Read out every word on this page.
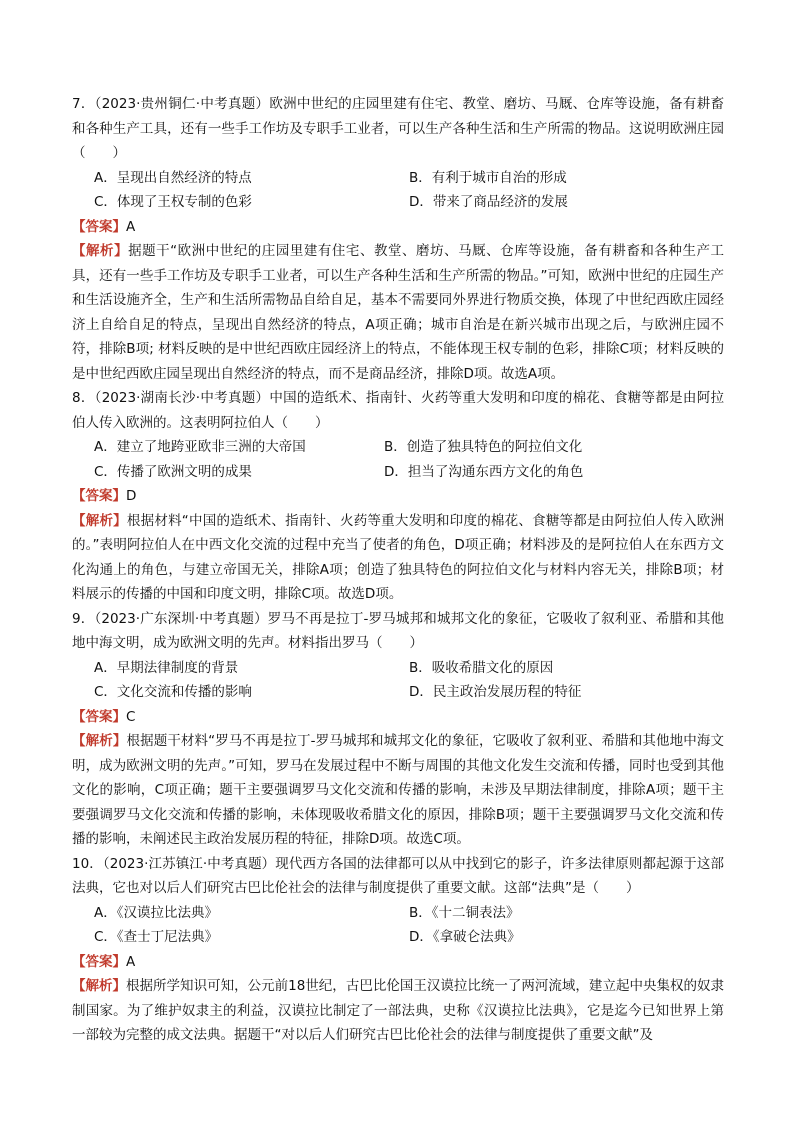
7．（2023·贵州铜仁·中考真题）欧洲中世纪的庄园里建有住宅、教堂、磨坊、马厩、仓库等设施，备有耕畜和各种生产工具，还有一些手工作坊及专职手工业者，可以生产各种生活和生产所需的物品。这说明欧洲庄园（　　）

A．呈现出自然经济的特点	B．有利于城市自治的形成
C．体现了王权专制的色彩	D．带来了商品经济的发展

【答案】A

【解析】据题干“欧洲中世纪的庄园里建有住宅、教堂、磨坊、马厩、仓库等设施，备有耕畜和各种生产工具，还有一些手工作坊及专职手工业者，可以生产各种生活和生产所需的物品。”可知，欧洲中世纪的庄园生产和生活设施齐全，生产和生活所需物品自给自足，基本不需要同外界进行物质交换，体现了中世纪西欧庄园经济上自给自足的特点，呈现出自然经济的特点，A项正确；城市自治是在新兴城市出现之后，与欧洲庄园不符，排除B项; 材料反映的是中世纪西欧庄园经济上的特点，不能体现王权专制的色彩，排除C项；材料反映的是中世纪西欧庄园呈现出自然经济的特点，而不是商品经济，排除D项。故选A项。

8．（2023·湖南长沙·中考真题）中国的造纸术、指南针、火药等重大发明和印度的棉花、食糖等都是由阿拉伯人传入欧洲的。这表明阿拉伯人（　　）

A．建立了地跨亚欧非三洲的大帝国	B．创造了独具特色的阿拉伯文化
C．传播了欧洲文明的成果	D．担当了沟通东西方文化的角色

【答案】D

【解析】根据材料“中国的造纸术、指南针、火药等重大发明和印度的棉花、食糖等都是由阿拉伯人传入欧洲的。”表明阿拉伯人在中西文化交流的过程中充当了使者的角色，D项正确；材料涉及的是阿拉伯人在东西方文化沟通上的角色，与建立帝国无关，排除A项；创造了独具特色的阿拉伯文化与材料内容无关，排除B项；材料展示的传播的中国和印度文明，排除C项。故选D项。

9．（2023·广东深圳·中考真题）罗马不再是拉丁-罗马城邦和城邦文化的象征，它吸收了叙利亚、希腊和其他地中海文明，成为欧洲文明的先声。材料指出罗马（　　）

A．早期法律制度的背景	B．吸收希腊文化的原因
C．文化交流和传播的影响	D．民主政治发展历程的特征

【答案】C

【解析】根据题干材料“罗马不再是拉丁-罗马城邦和城邦文化的象征，它吸收了叙利亚、希腊和其他地中海文明，成为欧洲文明的先声。”可知，罗马在发展过程中不断与周围的其他文化发生交流和传播，同时也受到其他文化的影响，C项正确；题干主要强调罗马文化交流和传播的影响，未涉及早期法律制度，排除A项；题干主要强调罗马文化交流和传播的影响，未体现吸收希腊文化的原因，排除B项；题干主要强调罗马文化交流和传播的影响，未阐述民主政治发展历程的特征，排除D项。故选C项。

10．（2023·江苏镇江·中考真题）现代西方各国的法律都可以从中找到它的影子，许多法律原则都起源于这部法典，它也对以后人们研究古巴比伦社会的法律与制度提供了重要文献。这部“法典”是（　　）

A．《汉谟拉比法典》	B．《十二铜表法》
C．《查士丁尼法典》	D．《拿破仑法典》

【答案】A

【解析】根据所学知识可知，公元前18世纪，古巴比伦国王汉谟拉比统一了两河流域，建立起中央集权的奴隶制国家。为了维护奴隶主的利益，汉谟拉比制定了一部法典，史称《汉谟拉比法典》，它是迄今已知世界上第一部较为完整的成文法典。据题干“对以后人们研究古巴比伦社会的法律与制度提供了重要文献”及
